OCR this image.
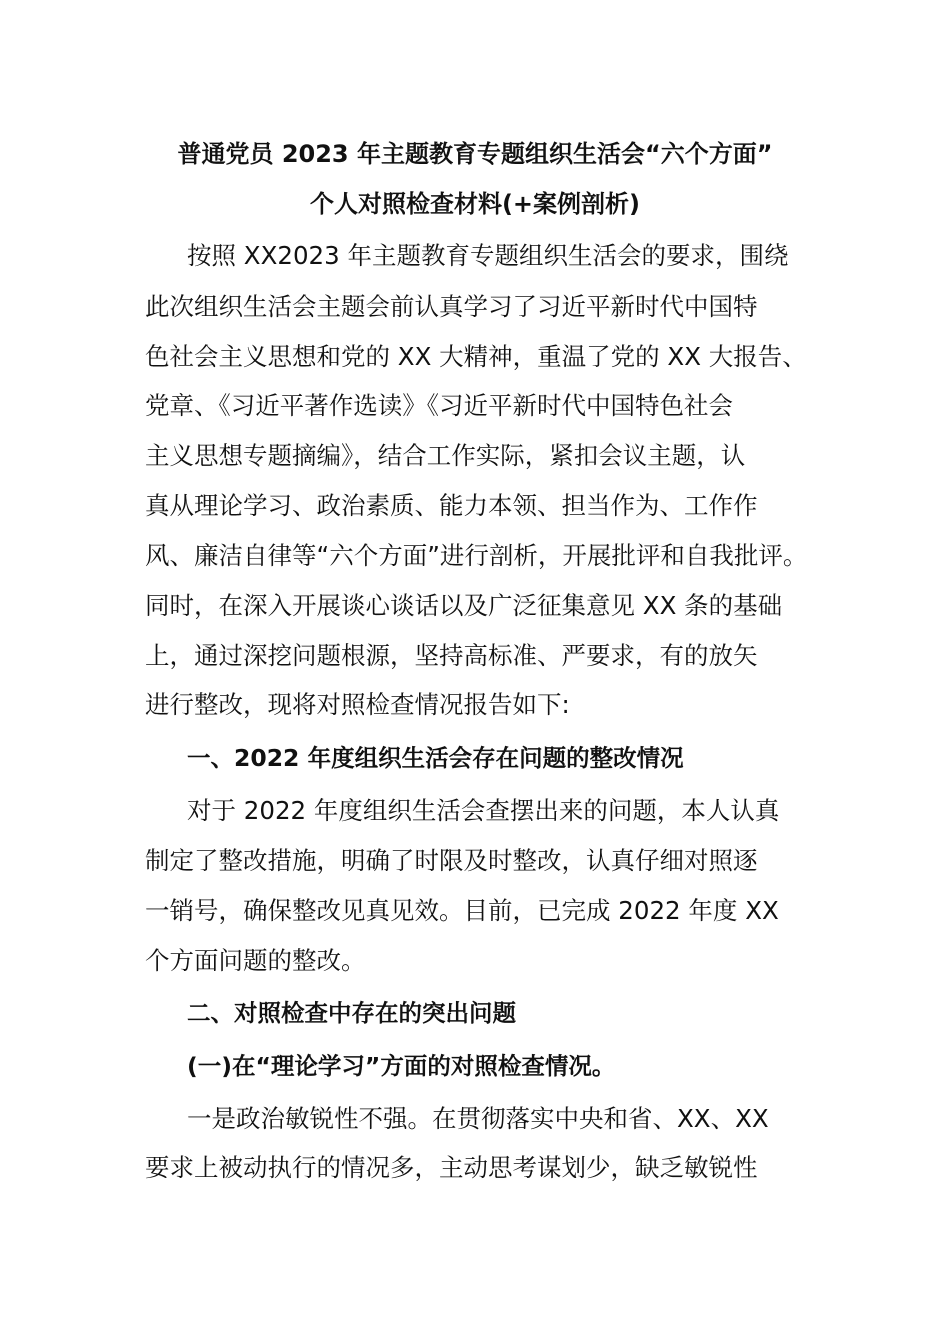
普通党员 2023 年主题教育专题组织生活会“六个方面”
个人对照检查材料(+案例剖析)
按照 XX2023 年主题教育专题组织生活会的要求，围绕
此次组织生活会主题会前认真学习了习近平新时代中国特
色社会主义思想和党的 XX 大精神，重温了党的 XX 大报告、
党章、《习近平著作选读》《习近平新时代中国特色社会
主义思想专题摘编》，结合工作实际，紧扣会议主题，认
真从理论学习、政治素质、能力本领、担当作为、工作作
风、廉洁自律等“六个方面”进行剖析，开展批评和自我批评。
同时，在深入开展谈心谈话以及广泛征集意见 XX 条的基础
上，通过深挖问题根源，坚持高标准、严要求，有的放矢
进行整改，现将对照检查情况报告如下:
一、2022 年度组织生活会存在问题的整改情况
对于 2022 年度组织生活会查摆出来的问题，本人认真
制定了整改措施，明确了时限及时整改，认真仔细对照逐
一销号，确保整改见真见效。目前，已完成 2022 年度 XX
个方面问题的整改。
二、对照检查中存在的突出问题
(一)在“理论学习”方面的对照检查情况。
一是政治敏锐性不强。在贯彻落实中央和省、XX、XX
要求上被动执行的情况多，主动思考谋划少，缺乏敏锐性
